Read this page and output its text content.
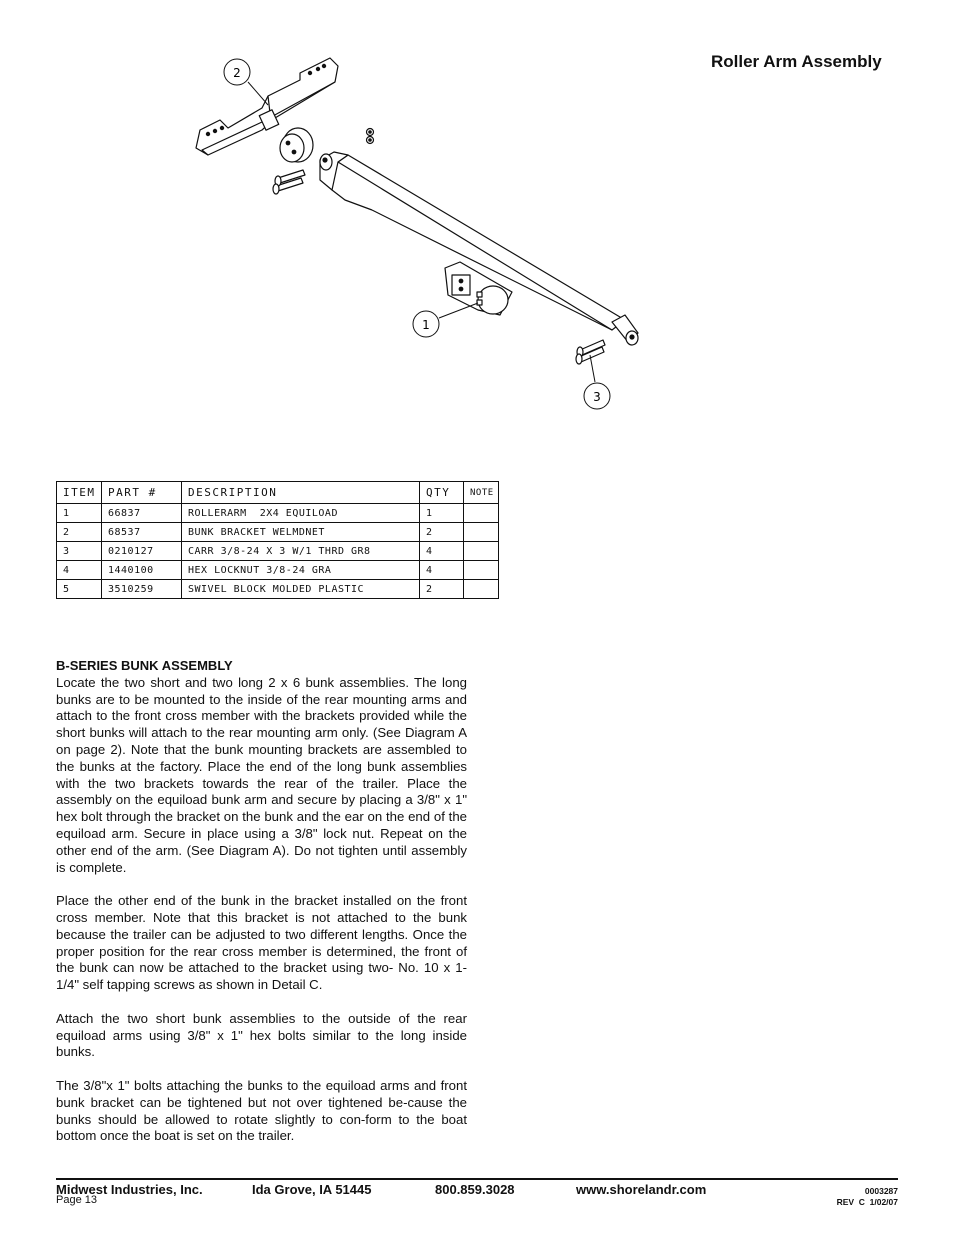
Roller Arm Assembly
2
1
3
ITEM	PART #	DESCRIPTION	QTY	NOTE
1	66837	ROLLERARM  2X4 EQUILOAD	1	
2	68537	BUNK BRACKET WELMDNET	2	
3	0210127	CARR 3/8-24 X 3 W/1 THRD GR8	4	
4	1440100	HEX LOCKNUT 3/8-24 GRA	4	
5	3510259	SWIVEL BLOCK MOLDED PLASTIC	2	
B-SERIES BUNK ASSEMBLY

Locate the two short and two long 2 x 6 bunk assemblies. The long bunks are to be mounted to the inside of the rear mounting arms and attach to the front cross member with the brackets provided while the short bunks will attach to the rear mounting arm only. (See Diagram A on page 2). Note that the bunk mounting brackets are assembled to the bunks at the factory. Place the end of the long bunk assemblies with the two brackets towards the rear of the trailer. Place the assembly on the equiload bunk arm and secure by placing a 3/8" x 1" hex bolt through the bracket on the bunk and the ear on the end of the equiload arm. Secure in place using a 3/8" lock nut. Repeat on the other end of the arm. (See Diagram A). Do not tighten until assembly is complete.

Place the other end of the bunk in the bracket installed on the front cross member. Note that this bracket is not attached to the bunk because the trailer can be adjusted to two different lengths. Once the proper position for the rear cross member is determined, the front of the bunk can now be attached to the bracket using two- No. 10 x 1-1/4" self tapping screws as shown in Detail C.

Attach the two short bunk assemblies to the outside of the rear equiload arms using 3/8" x 1" hex bolts similar to the long inside bunks.

The 3/8"x 1" bolts attaching the bunks to the equiload arms and front bunk bracket can be tightened but not over tightened be-cause the bunks should be allowed to rotate slightly to con-form to the boat bottom once the boat is set on the trailer.

Midwest Industries, Inc.	Ida Grove, IA 51445	800.859.3028	www.shorelandr.com
Page 13
0003287
REV  C  1/02/07
